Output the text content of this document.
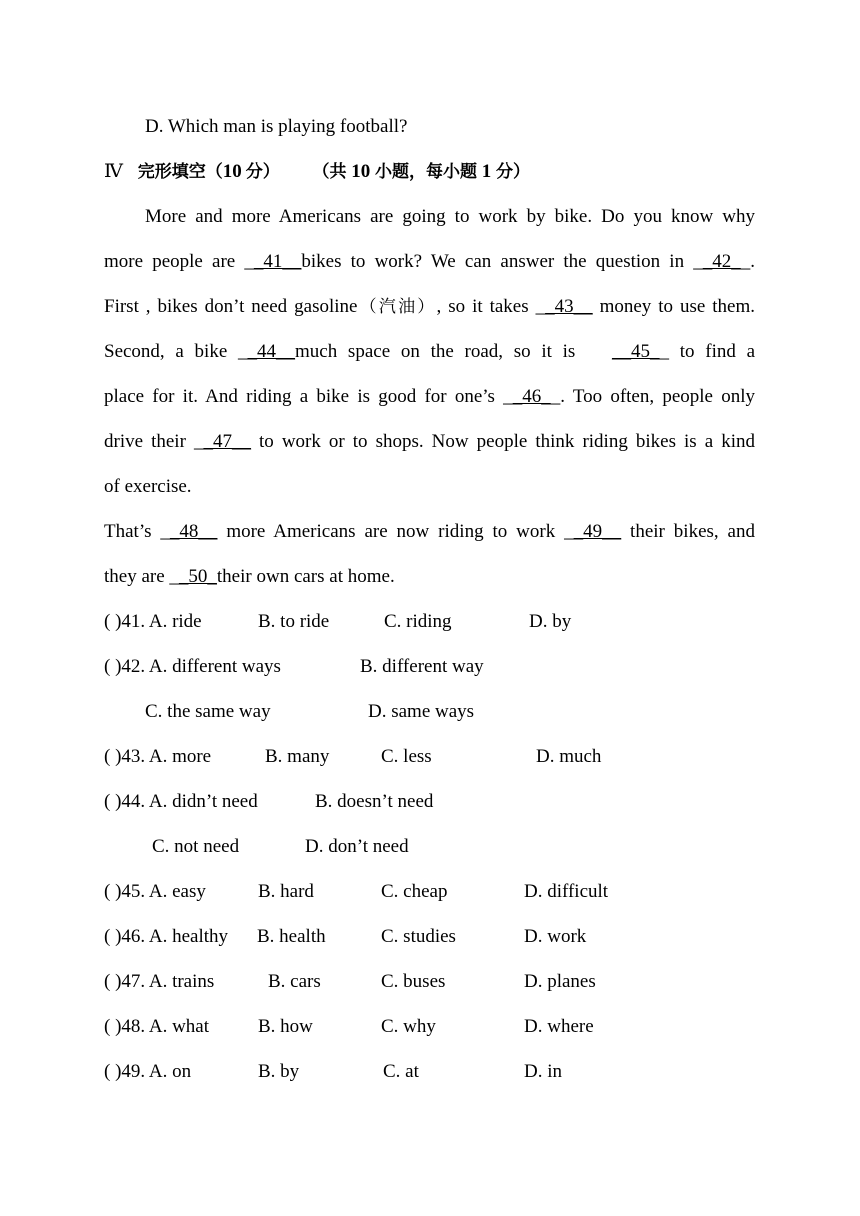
D. Which man is playing football?
Ⅳ 完形填空（10 分） （共 10 小题，每小题 1 分）
More and more Americans are going to work by bike. Do you know why
more people are __41__bikes to work? We can answer the question in __42__.
First , bikes don’t need gasoline（汽油）, so it takes __43__ money to use them.
Second, a bike __44__much space on the road, so it is __45__ to find a
place for it. And riding a bike is good for one’s __46__. Too often, people only
drive their __47__ to work or to shops. Now people think riding bikes is a kind
of exercise.
That’s __48__ more Americans are now riding to work __49__ their bikes, and
they are __50_their own cars at home.
( )41. A. ride	B. to ride	C. riding	D. by
( )42. A. different ways	B. different way
C. the same way	D. same ways
( )43. A. more	B. many	C. less	D. much
( )44. A. didn’t need	B. doesn’t need
C. not need	D. don’t need
( )45. A. easy	B. hard	C. cheap	D. difficult
( )46. A. healthy B. health	C. studies	D. work
( )47. A. trains	B. cars	C. buses	D. planes
( )48. A. what	B. how	C. why	D. where
( )49. A. on	B. by	C. at	D. in
